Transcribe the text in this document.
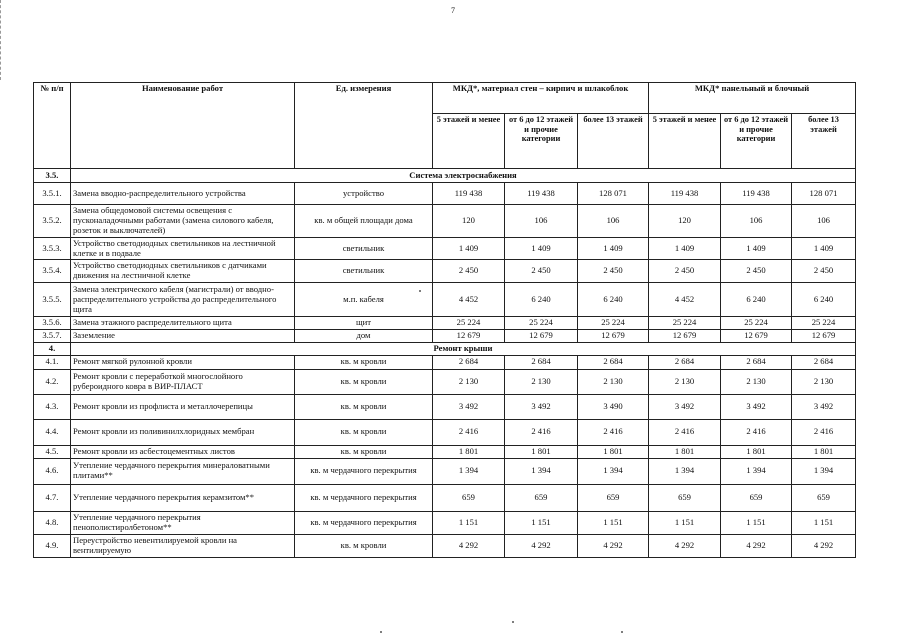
7
№ п/п	Наименование работ	Ед. измерения	МКД*, материал стен – кирпич и шлакоблок			МКД* панельный и блочный		
			5 этажей и менее	от 6 до 12 этажей и прочие категории	более 13 этажей	5 этажей и менее	от 6 до 12 этажей и прочие категории	более 13 этажей
3.5.	Система электроснабжения							
3.5.1.	Замена вводно-распределительного устройства	устройство	119 438	119 438	128 071	119 438	119 438	128 071
3.5.2.	Замена общедомовой системы освещения с пусконаладочными работами (замена силового кабеля, розеток и выключателей)	кв. м общей площади дома	120	106	106	120	106	106
3.5.3.	Устройство светодиодных светильников на лестничной клетке и в подвале	светильник	1 409	1 409	1 409	1 409	1 409	1 409
3.5.4.	Устройство светодиодных светильников с датчиками движения на лестничной клетке	светильник	2 450	2 450	2 450	2 450	2 450	2 450
3.5.5.	Замена электрического кабеля (магистрали) от вводно-распределительного устройства до распределительного щита	м.п. кабеля	4 452	6 240	6 240	4 452	6 240	6 240
3.5.6.	Замена этажного распределительного щита	щит	25 224	25 224	25 224	25 224	25 224	25 224
3.5.7.	Заземление	дом	12 679	12 679	12 679	12 679	12 679	12 679
4.	Ремонт крыши							
4.1.	Ремонт мягкой рулонной кровли	кв. м кровли	2 684	2 684	2 684	2 684	2 684	2 684
4.2.	Ремонт кровли с переработкой многослойного рубероидного ковра в ВИР-ПЛАСТ	кв. м кровли	2 130	2 130	2 130	2 130	2 130	2 130
4.3.	Ремонт кровли из профлиста и металлочерепицы	кв. м кровли	3 492	3 492	3 490	3 492	3 492	3 492
4.4.	Ремонт кровли из поливинилхлоридных мембран	кв. м кровли	2 416	2 416	2 416	2 416	2 416	2 416
4.5.	Ремонт кровли из асбестоцементных листов	кв. м кровли	1 801	1 801	1 801	1 801	1 801	1 801
4.6.	Утепление чердачного перекрытия минераловатными плитами**	кв. м чердачного перекрытия	1 394	1 394	1 394	1 394	1 394	1 394
4.7.	Утепление чердачного перекрытия керамзитом**	кв. м чердачного перекрытия	659	659	659	659	659	659
4.8.	Утепление чердачного перекрытия пенополистиролбетоном**	кв. м чердачного перекрытия	1 151	1 151	1 151	1 151	1 151	1 151
4.9.	Переустройство невентилируемой кровли на вентилируемую	кв. м кровли	4 292	4 292	4 292	4 292	4 292	4 292
